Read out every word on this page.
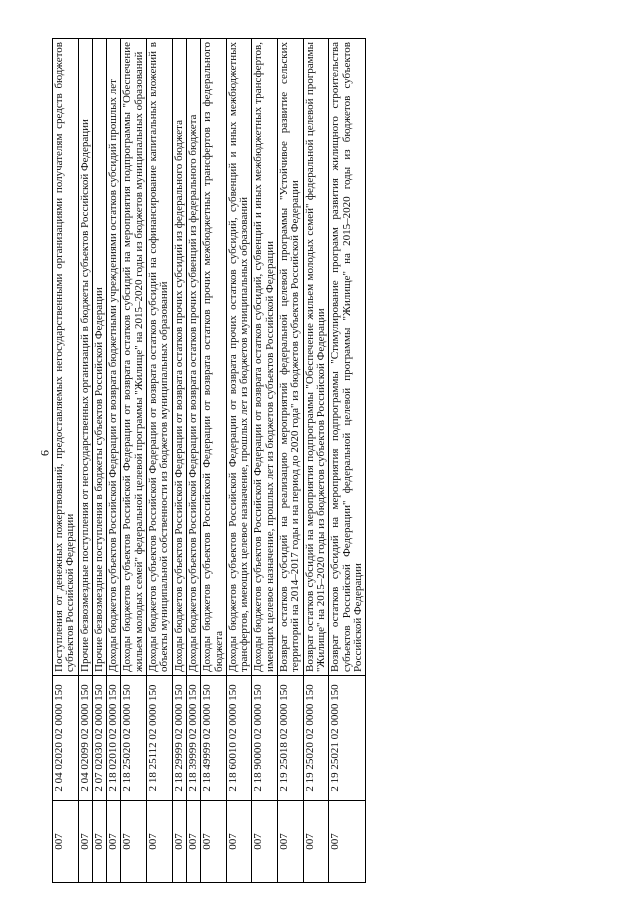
9
007	2 04 02020 02 0000 150	Поступления от денежных пожертвований, предоставляемых негосударственными организациями получателям средств бюджетов субъектов Российской Федерации
007	2 04 02099 02 0000 150	Прочие безвозмездные поступления от негосударственных организаций в бюджеты субъектов Российской Федерации
007	2 07 02030 02 0000 150	Прочие безвозмездные поступления в бюджеты субъектов Российской Федерации
007	2 18 02010 02 0000 150	Доходы бюджетов субъектов Российской Федерации от возврата бюджетными учреждениями остатков субсидий прошлых лет
007	2 18 25020 02 0000 150	Доходы бюджетов субъектов Российской Федерации от возврата остатков субсидий на мероприятия подпрограммы "Обеспечение жильем молодых семей" федеральной целевой программы "Жилище" на 2015–2020 годы из бюджетов муниципальных образований
007	2 18 25112 02 0000 150	Доходы бюджетов субъектов Российской Федерации от возврата остатков субсидий на софинансирование капитальных вложений в объекты муниципальной собственности из бюджетов муниципальных образований
007	2 18 29999 02 0000 150	Доходы бюджетов субъектов Российской Федерации от возврата остатков прочих субсидий из федерального бюджета
007	2 18 39999 02 0000 150	Доходы бюджетов субъектов Российской Федерации от возврата остатков прочих субвенций из федерального бюджета
007	2 18 49999 02 0000 150	Доходы бюджетов субъектов Российской Федерации от возврата остатков прочих межбюджетных трансфертов из федерального бюджета
007	2 18 60010 02 0000 150	Доходы бюджетов субъектов Российской Федерации от возврата прочих остатков субсидий, субвенций и иных межбюджетных трансфертов, имеющих целевое назначение, прошлых лет из бюджетов муниципальных образований
007	2 18 90000 02 0000 150	Доходы бюджетов субъектов Российской Федерации от возврата остатков субсидий, субвенций и иных межбюджетных трансфертов, имеющих целевое назначение, прошлых лет из бюджетов субъектов Российской Федерации
007	2 19 25018 02 0000 150	Возврат остатков субсидий на реализацию мероприятий федеральной целевой программы "Устойчивое развитие сельских территорий на 2014–2017 годы и на период до 2020 года" из бюджетов субъектов Российской Федерации
007	2 19 25020 02 0000 150	Возврат остатков субсидий на мероприятия подпрограммы "Обеспечение жильем молодых семей" федеральной целевой программы "Жилище" на 2015–2020 годы из бюджетов субъектов Российской Федерации
007	2 19 25021 02 0000 150	Возврат остатков субсидий на мероприятия подпрограммы "Стимулирование программ развития жилищного строительства субъектов Российской Федерации" федеральной целевой программы "Жилище" на 2015–2020 годы из бюджетов субъектов Российской Федерации
